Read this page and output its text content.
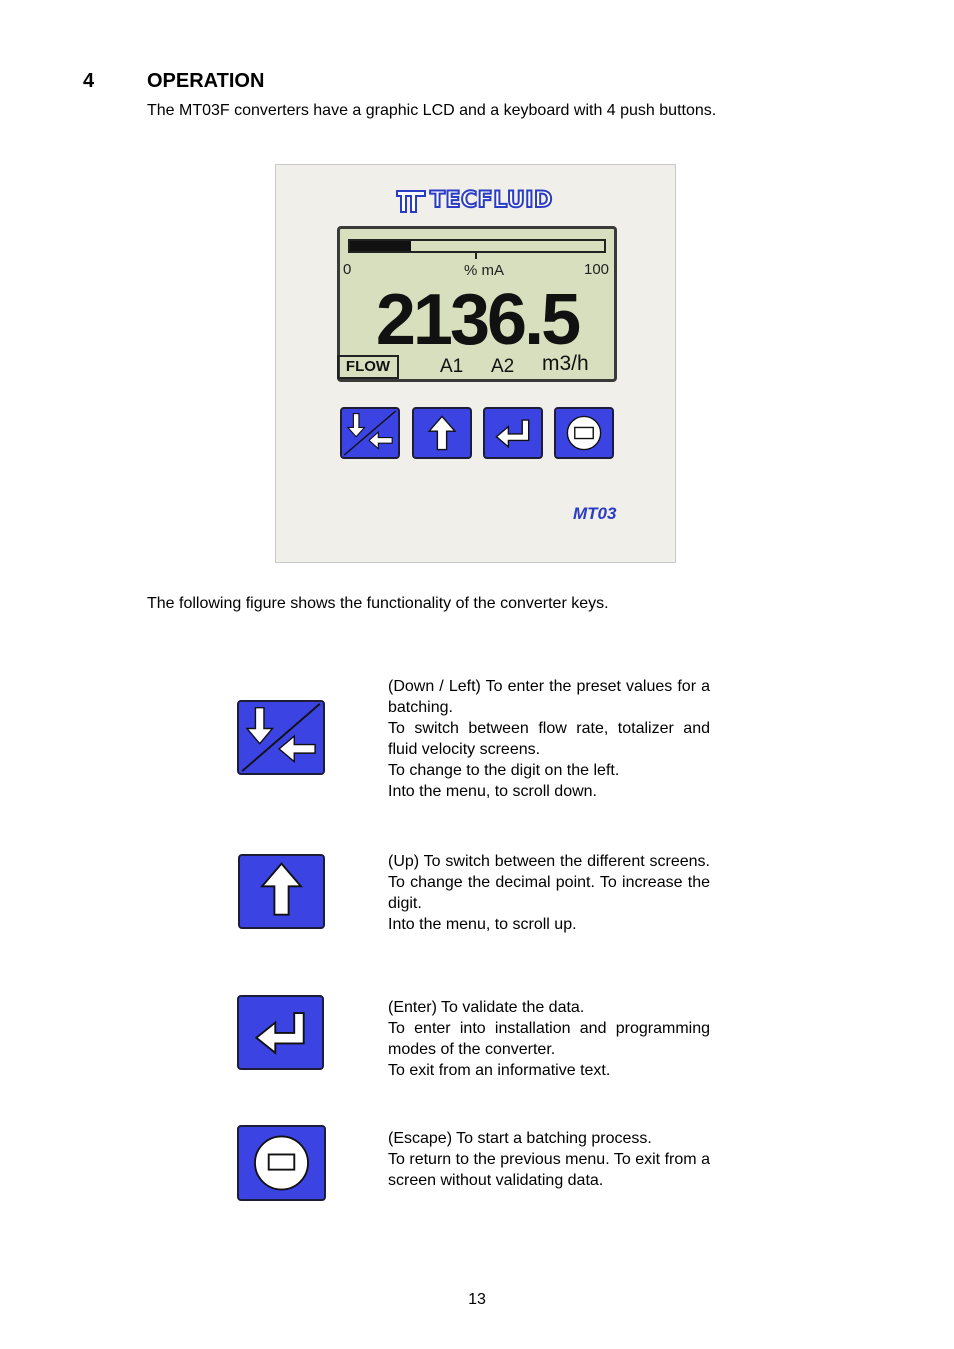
4	OPERATION
The MT03F converters have a graphic LCD and a keyboard with 4 push buttons.
TECFLUID
0	% mA	100
2136.5
FLOW	A1 A2 m3/h
MT03
The following figure shows the functionality of the converter keys.

(Down / Left) To enter the preset values for a batching.

To switch between flow rate, totalizer and fluid velocity screens.

To change to the digit on the left.

Into the menu, to scroll down.

(Up) To switch between the different screens. To change the decimal point. To increase the digit.

Into the menu, to scroll up.

(Enter) To validate the data.

To enter into installation and programming modes of the converter.

To exit from an informative text.

(Escape) To start a batching process.

To return to the previous menu. To exit from a screen without validating data.

13
